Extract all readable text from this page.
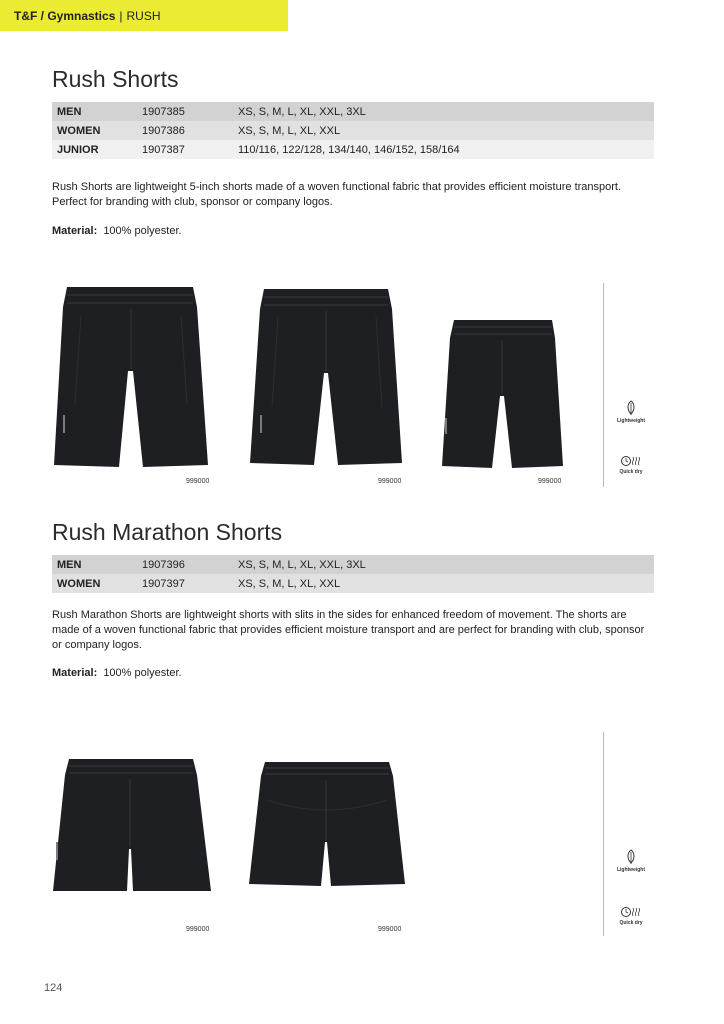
T&F / Gymnastics | RUSH
Rush Shorts
MEN	1907385	XS, S, M, L, XL, XXL, 3XL
WOMEN	1907386	XS, S, M, L, XL, XXL
JUNIOR	1907387	110/116, 122/128, 134/140, 146/152, 158/164

Rush Shorts are lightweight 5-inch shorts made of a woven functional fabric that provides efficient moisture transport. Perfect for branding with club, sponsor or company logos.

Material: 100% polyester.

999000	999000	999000
Lightweight
Quick dry
Rush Marathon Shorts
MEN	1907396	XS, S, M, L, XL, XXL, 3XL
WOMEN	1907397	XS, S, M, L, XL, XXL

Rush Marathon Shorts are lightweight shorts with slits in the sides for enhanced freedom of movement. The shorts are made of a woven functional fabric that provides efficient moisture transport and are perfect for branding with club, sponsor or company logos.

Material: 100% polyester.

999000	999000
Lightweight
Quick dry
124
